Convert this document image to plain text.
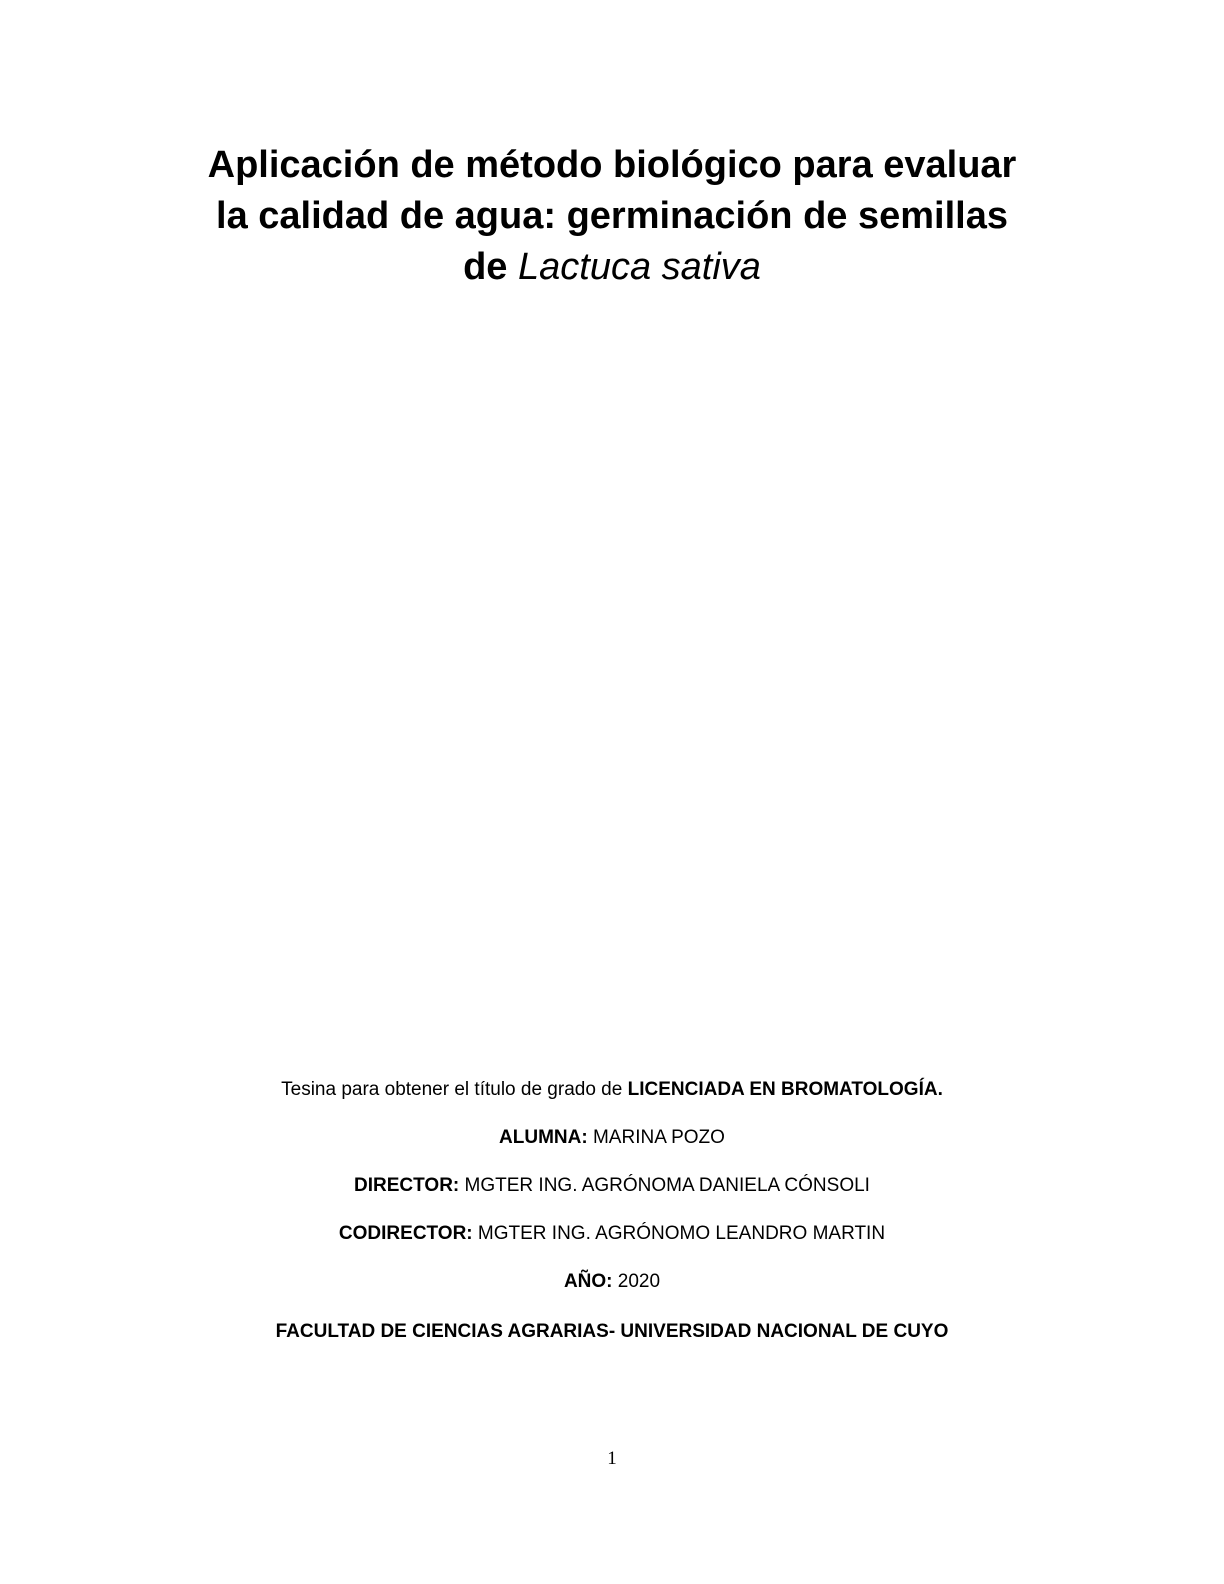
Aplicación de método biológico para evaluar
la calidad de agua: germinación de semillas
de Lactuca sativa
Tesina para obtener el título de grado de LICENCIADA EN BROMATOLOGÍA.
ALUMNA: MARINA POZO
DIRECTOR: MGTER ING. AGRÓNOMA DANIELA CÓNSOLI
CODIRECTOR: MGTER ING. AGRÓNOMO LEANDRO MARTIN
AÑO: 2020
FACULTAD DE CIENCIAS AGRARIAS- UNIVERSIDAD NACIONAL DE CUYO
1
